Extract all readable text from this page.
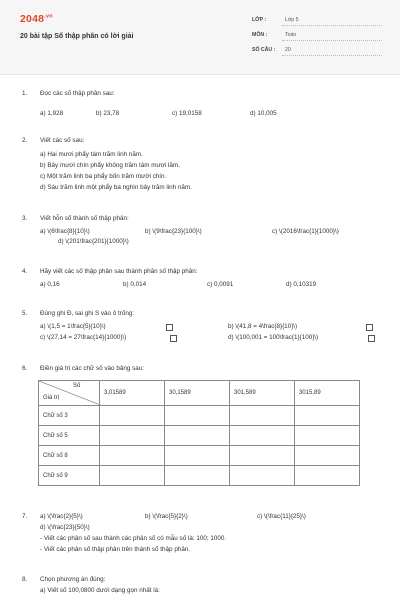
$2048^{.vn}$
20 bài tập Số thập phân có lời giải
LỚP :	Lớp 5
MÔN :	Toán
SỐ CÂU : 20
1. Đọc các số thập phân sau:
a) 1,928	b) 23,78	c) 19,0158	d) 10,005
2. Viết các số sau:
a) Hai mươi phẩy tám trăm linh năm.
b) Bảy mươi chín phẩy không trăm tám mươi lăm.
c) Một trăm linh ba phẩy bốn trăm mười chín.
d) Sáu trăm linh một phẩy ba nghìn bảy trăm linh năm.
3. Viết hỗn số thành số thập phân:
a) \(6\frac{8}{10}\)	b) \(9\frac{23}{100}\)	c) \(2016\frac{1}{1000}\)
d) \(201\frac{201}{1000}\)
4. Hãy viết các số thập phân sau thành phân số thập phân:
a) 0,16	b) 0,014	c) 0,0091	d) 0,10319
5. Đúng ghi Đ, sai ghi S vào ô trống:
a) \(1,5 = 1\frac{5}{10}\)	b) \(41,8 = 4\frac{8}{10}\)
c) \(27,14 = 27\frac{14}{1000}\)	d) \(100,001 = 100\frac{1}{100}\)
6. Điền giá trị các chữ số vào bảng sau:
Số
Giá trị	3,01589	30,1589	301,589	3015,89
Chữ số 3				
Chữ số 5				
Chữ số 8				
Chữ số 9				
7. a) \(\frac{2}{5}\)	b) \(\frac{5}{2}\)	c) \(\frac{11}{25}\)
d) \(\frac{23}{50}\)
- Viết các phân số sau thành các phân số có mẫu số là: 100; 1000.
- Viết các phân số thập phân trên thành số thập phân.
8. Chọn phương án đúng:
a) Viết số 100,0800 dưới dạng gọn nhất là:
